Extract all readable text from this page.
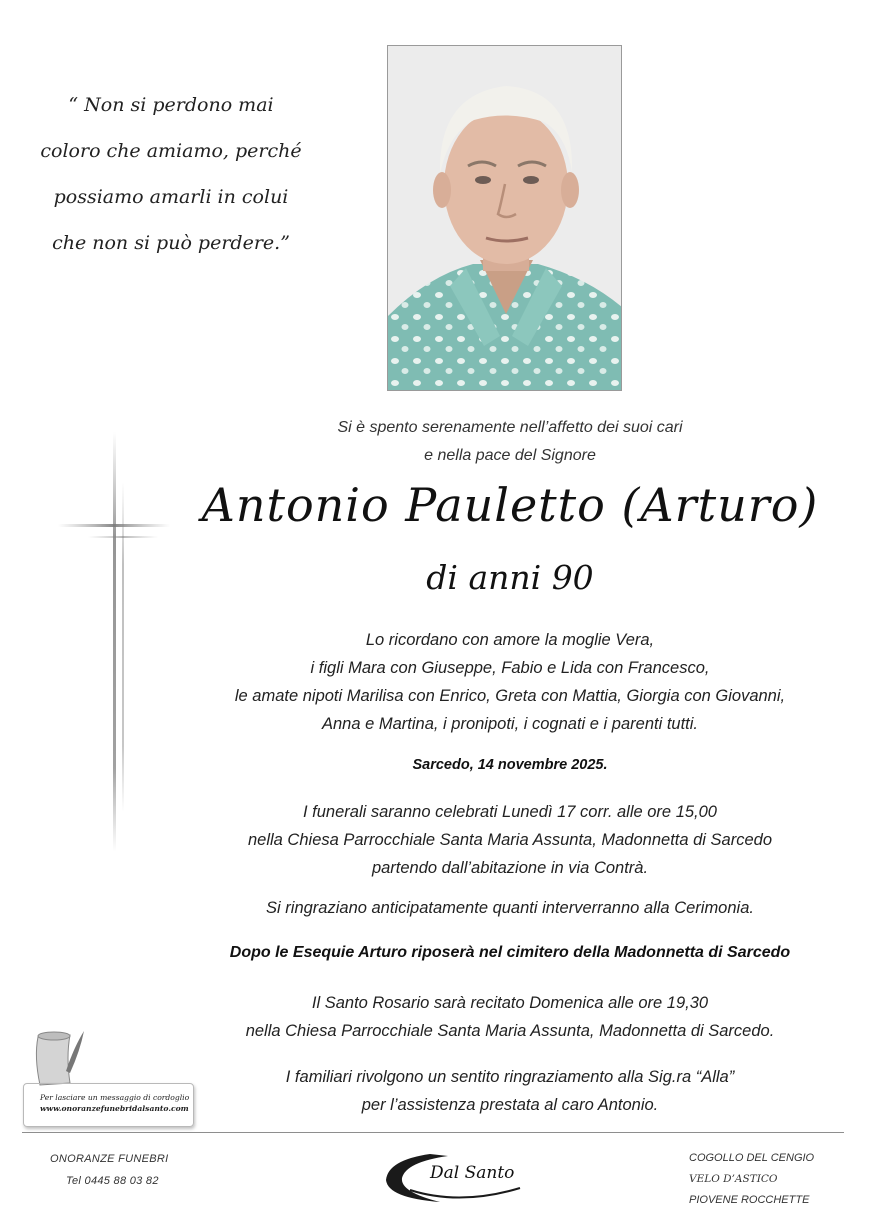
“ Non si perdono mai
coloro che amiamo, perché
possiamo amarli in colui
che non si può perdere.”
Si è spento serenamente nell’affetto dei suoi cari
e nella pace del Signore
Antonio Pauletto (Arturo)
di anni 90
Lo ricordano con amore la moglie Vera,
i figli Mara con Giuseppe, Fabio e Lida con Francesco,
le amate nipoti Marilisa con Enrico, Greta con Mattia, Giorgia con Giovanni,
Anna e Martina, i pronipoti, i cognati e i parenti tutti.
Sarcedo, 14 novembre 2025.
I funerali saranno celebrati Lunedì 17 corr. alle ore 15,00
nella Chiesa Parrocchiale Santa Maria Assunta, Madonnetta di Sarcedo
partendo dall’abitazione in via Contrà.
Si ringraziano anticipatamente quanti interverranno alla Cerimonia.
Dopo le Esequie Arturo riposerà nel cimitero della Madonnetta di Sarcedo
Il Santo Rosario sarà recitato Domenica alle ore 19,30
nella Chiesa Parrocchiale Santa Maria Assunta, Madonnetta di Sarcedo.
I familiari rivolgono un sentito ringraziamento alla Sig.ra “Alla”
per l’assistenza prestata al caro Antonio.
Per lasciare un messaggio di cordoglio
www.onoranzefunebridalsanto.com
ONORANZE FUNEBRI
Tel 0445 88 03 82	Dal Santo
COGOLLO DEL CENGIO
VELO D’ASTICO
PIOVENE ROCCHETTE
